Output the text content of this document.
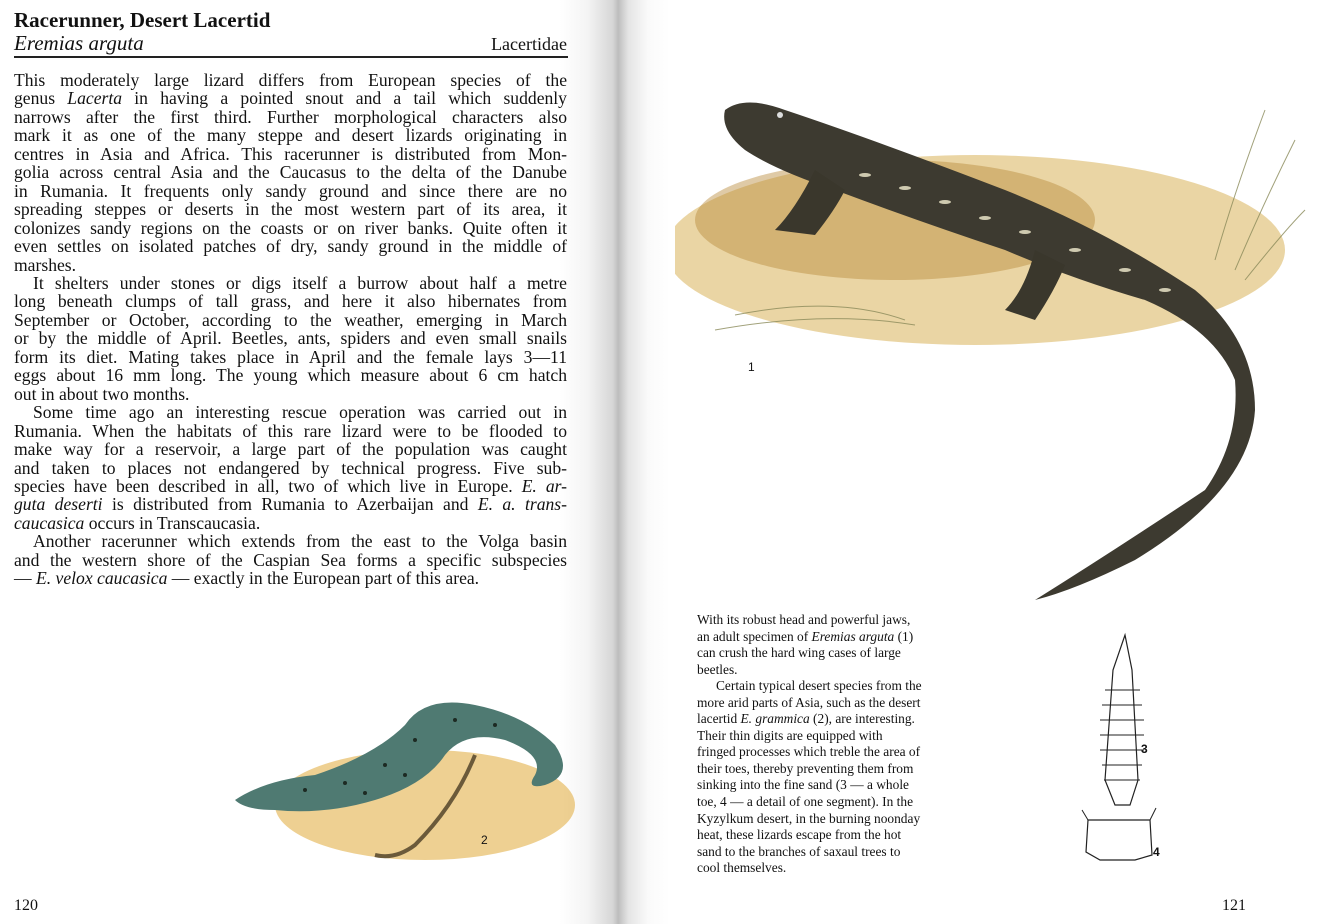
Racerunner, Desert Lacertid
Eremias arguta	Lacertidae
This moderately large lizard differs from European species of the
genus Lacerta in having a pointed snout and a tail which suddenly
narrows after the first third. Further morphological characters also
mark it as one of the many steppe and desert lizards originating in
centres in Asia and Africa. This racerunner is distributed from Mon-
golia across central Asia and the Caucasus to the delta of the Danube
in Rumania. It frequents only sandy ground and since there are no
spreading steppes or deserts in the most western part of its area, it
colonizes sandy regions on the coasts or on river banks. Quite often it
even settles on isolated patches of dry, sandy ground in the middle of
marshes.
It shelters under stones or digs itself a burrow about half a metre
long beneath clumps of tall grass, and here it also hibernates from
September or October, according to the weather, emerging in March
or by the middle of April. Beetles, ants, spiders and even small snails
form its diet. Mating takes place in April and the female lays 3—11
eggs about 16 mm long. The young which measure about 6 cm hatch
out in about two months.
Some time ago an interesting rescue operation was carried out in
Rumania. When the habitats of this rare lizard were to be flooded to
make way for a reservoir, a large part of the population was caught
and taken to places not endangered by technical progress. Five sub-
species have been described in all, two of which live in Europe. E. ar-
guta deserti is distributed from Rumania to Azerbaijan and E. a. trans-
caucasica occurs in Transcaucasia.
Another racerunner which extends from the east to the Volga basin
and the western shore of the Caspian Sea forms a specific subspecies
— E. velox caucasica — exactly in the European part of this area.
With its robust head and powerful jaws,
an adult specimen of Eremias arguta (1)
can crush the hard wing cases of large
beetles.
Certain typical desert species from the
more arid parts of Asia, such as the desert
lacertid E. grammica (2), are interesting.
Their thin digits are equipped with
fringed processes which treble the area of
their toes, thereby preventing them from
sinking into the fine sand (3 — a whole
toe, 4 — a detail of one segment). In the
Kyzylkum desert, in the burning noonday
heat, these lizards escape from the hot
sand to the branches of saxaul trees to
cool themselves.
1
2
3
4
120	121
